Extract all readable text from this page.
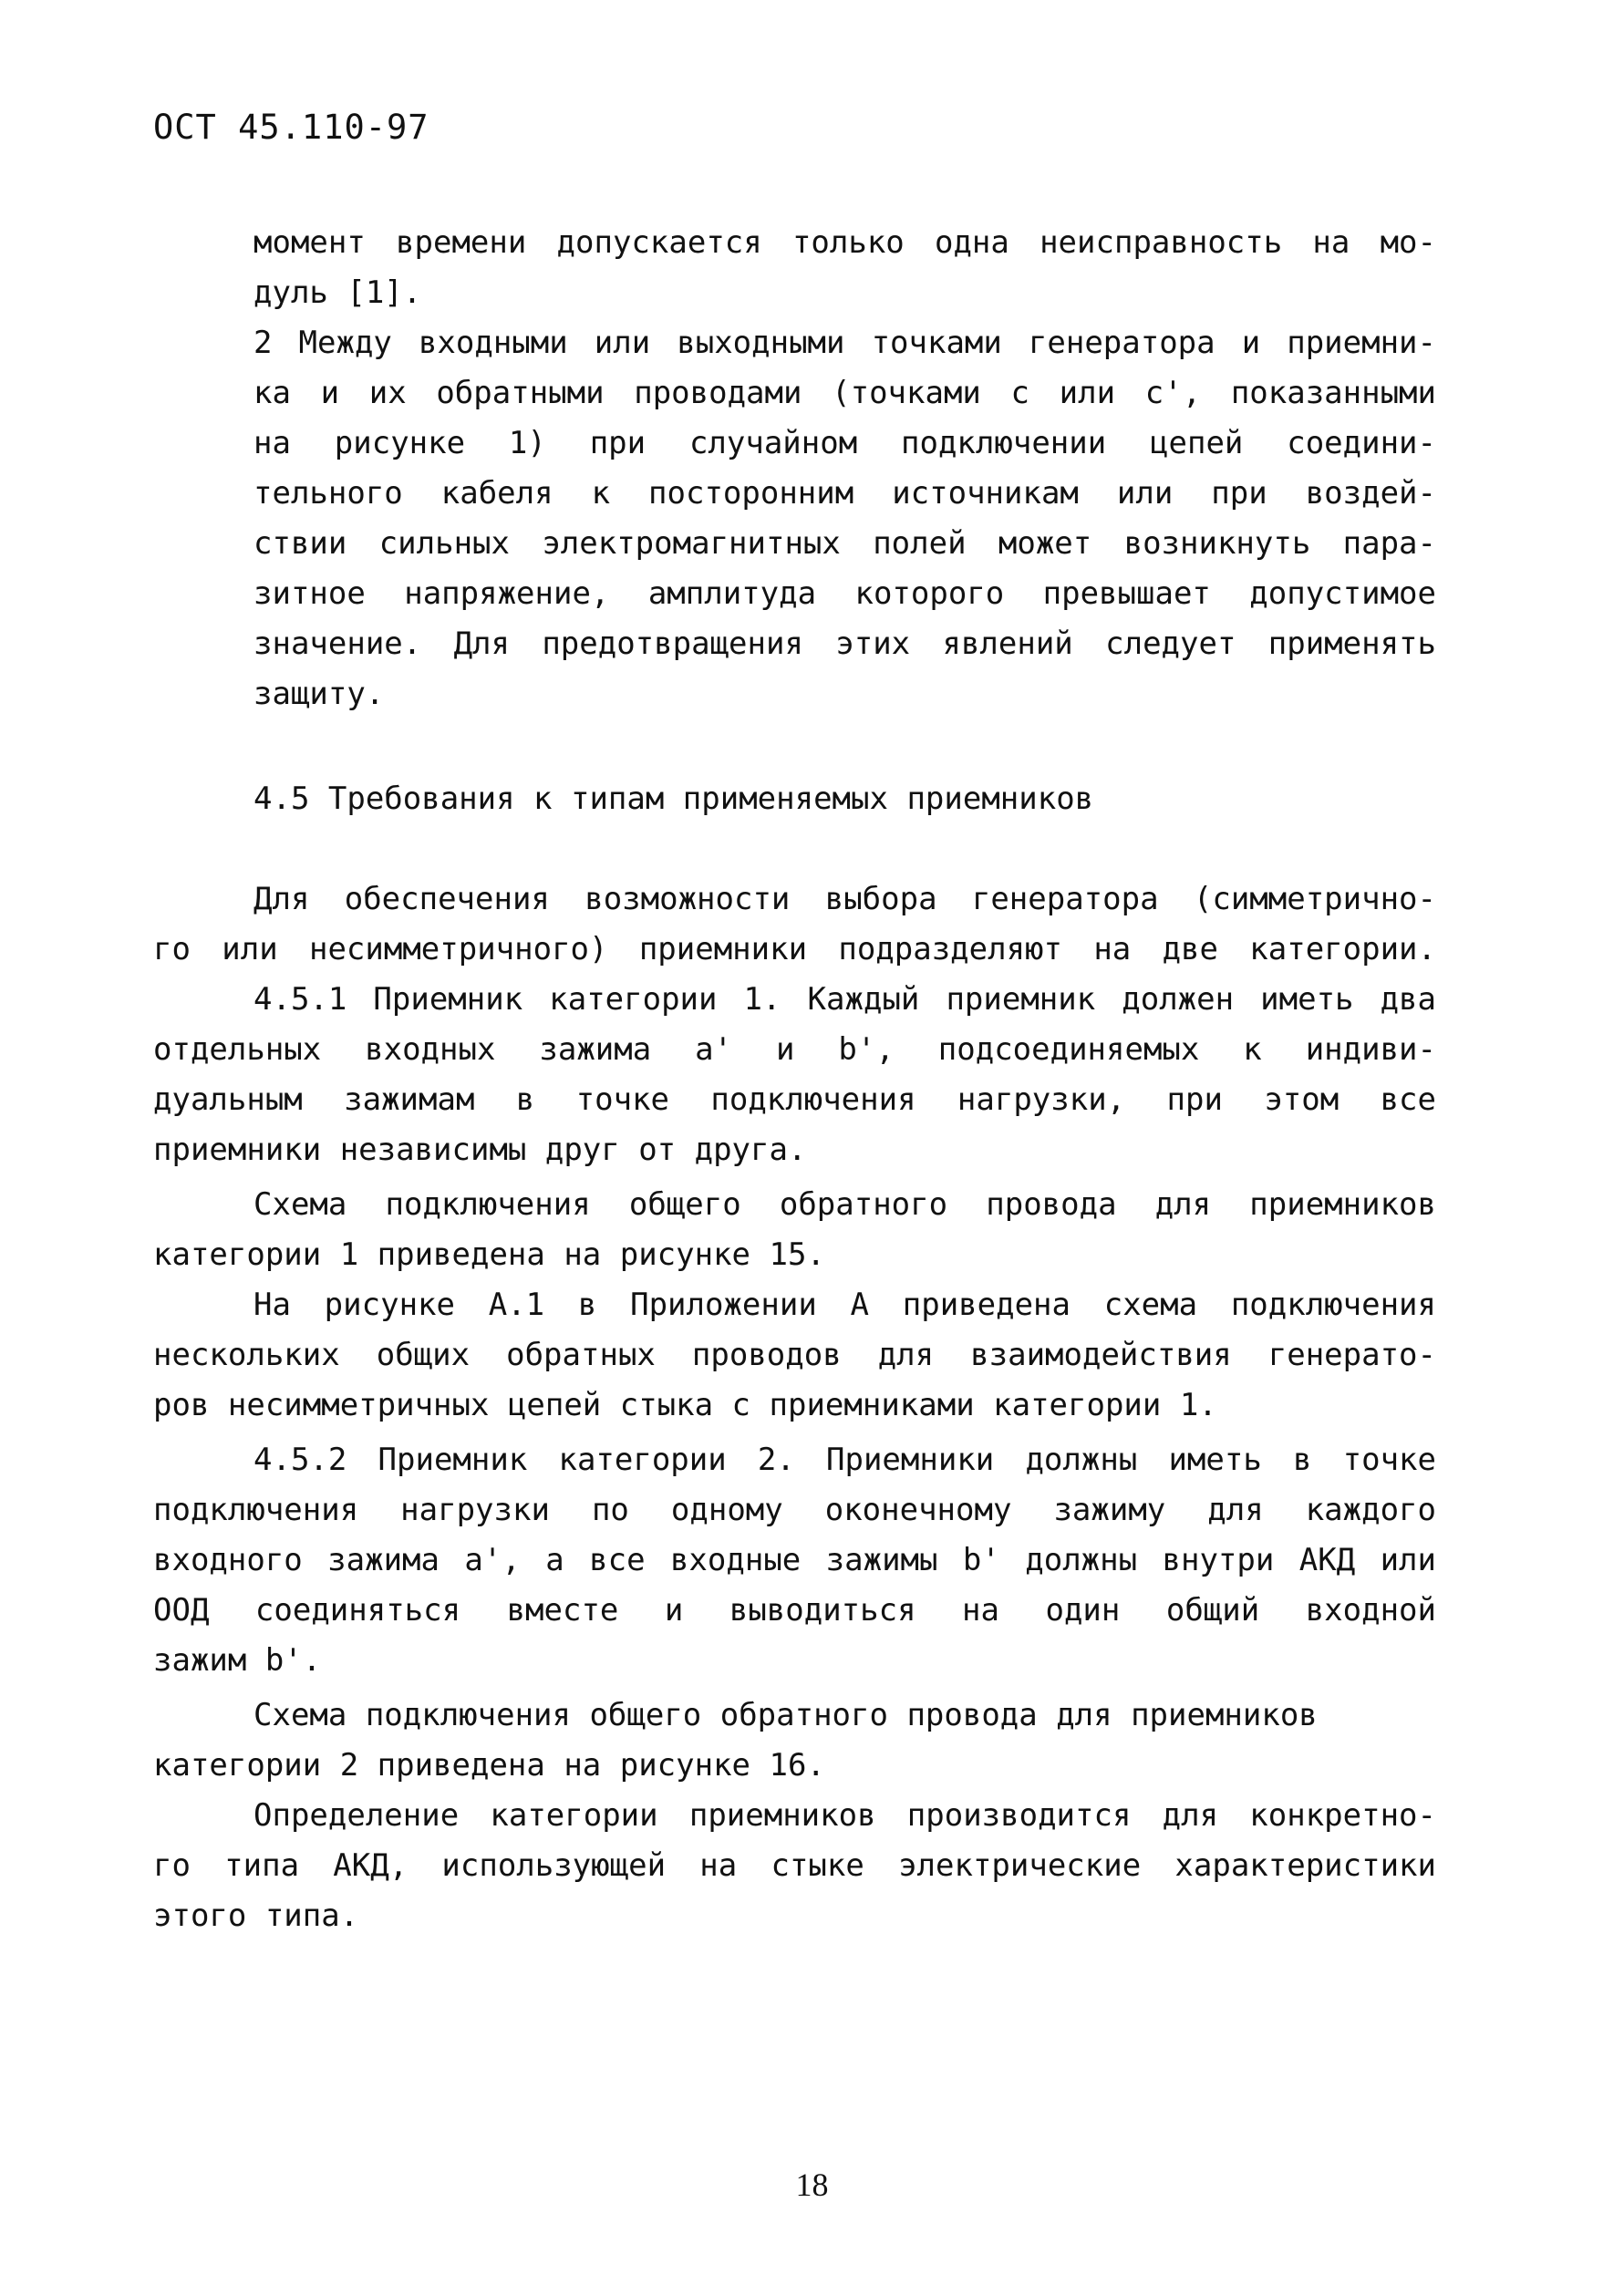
ОСТ 45.110-97
момент времени допускается только одна неисправность на мо-
дуль [1].
2 Между входными или выходными точками генератора и приемни-
ка и их обратными проводами (точками c или c', показанными
на рисунке 1) при случайном подключении цепей соедини-
тельного кабеля к посторонним источникам или при воздей-
ствии сильных электромагнитных полей может возникнуть пара-
зитное напряжение, амплитуда которого превышает допустимое
значение. Для предотвращения этих явлений следует применять
защиту.
4.5 Требования к типам применяемых приемников
Для обеспечения возможности выбора генератора (симметрично-
го или несимметричного) приемники подразделяют на две категории.
4.5.1 Приемник категории 1. Каждый приемник должен иметь два
отдельных входных зажима a' и b', подсоединяемых к индиви-
дуальным зажимам в точке подключения нагрузки, при этом все
приемники независимы друг от друга.
Схема подключения общего обратного провода для приемников
категории 1 приведена на рисунке 15.
На рисунке A.1 в Приложении A приведена схема подключения
нескольких общих обратных проводов для взаимодействия генерато-
ров несимметричных цепей стыка с приемниками категории 1.
4.5.2 Приемник категории 2. Приемники должны иметь в точке
подключения нагрузки по одному оконечному зажиму для каждого
входного зажима a', а все входные зажимы b' должны внутри АКД или
ООД соединяться вместе и выводиться на один общий входной
зажим b'.
Схема подключения общего обратного провода для приемников
категории 2 приведена на рисунке 16.
Определение категории приемников производится для конкретно-
го типа АКД, использующей на стыке электрические характеристики
этого типа.
18
